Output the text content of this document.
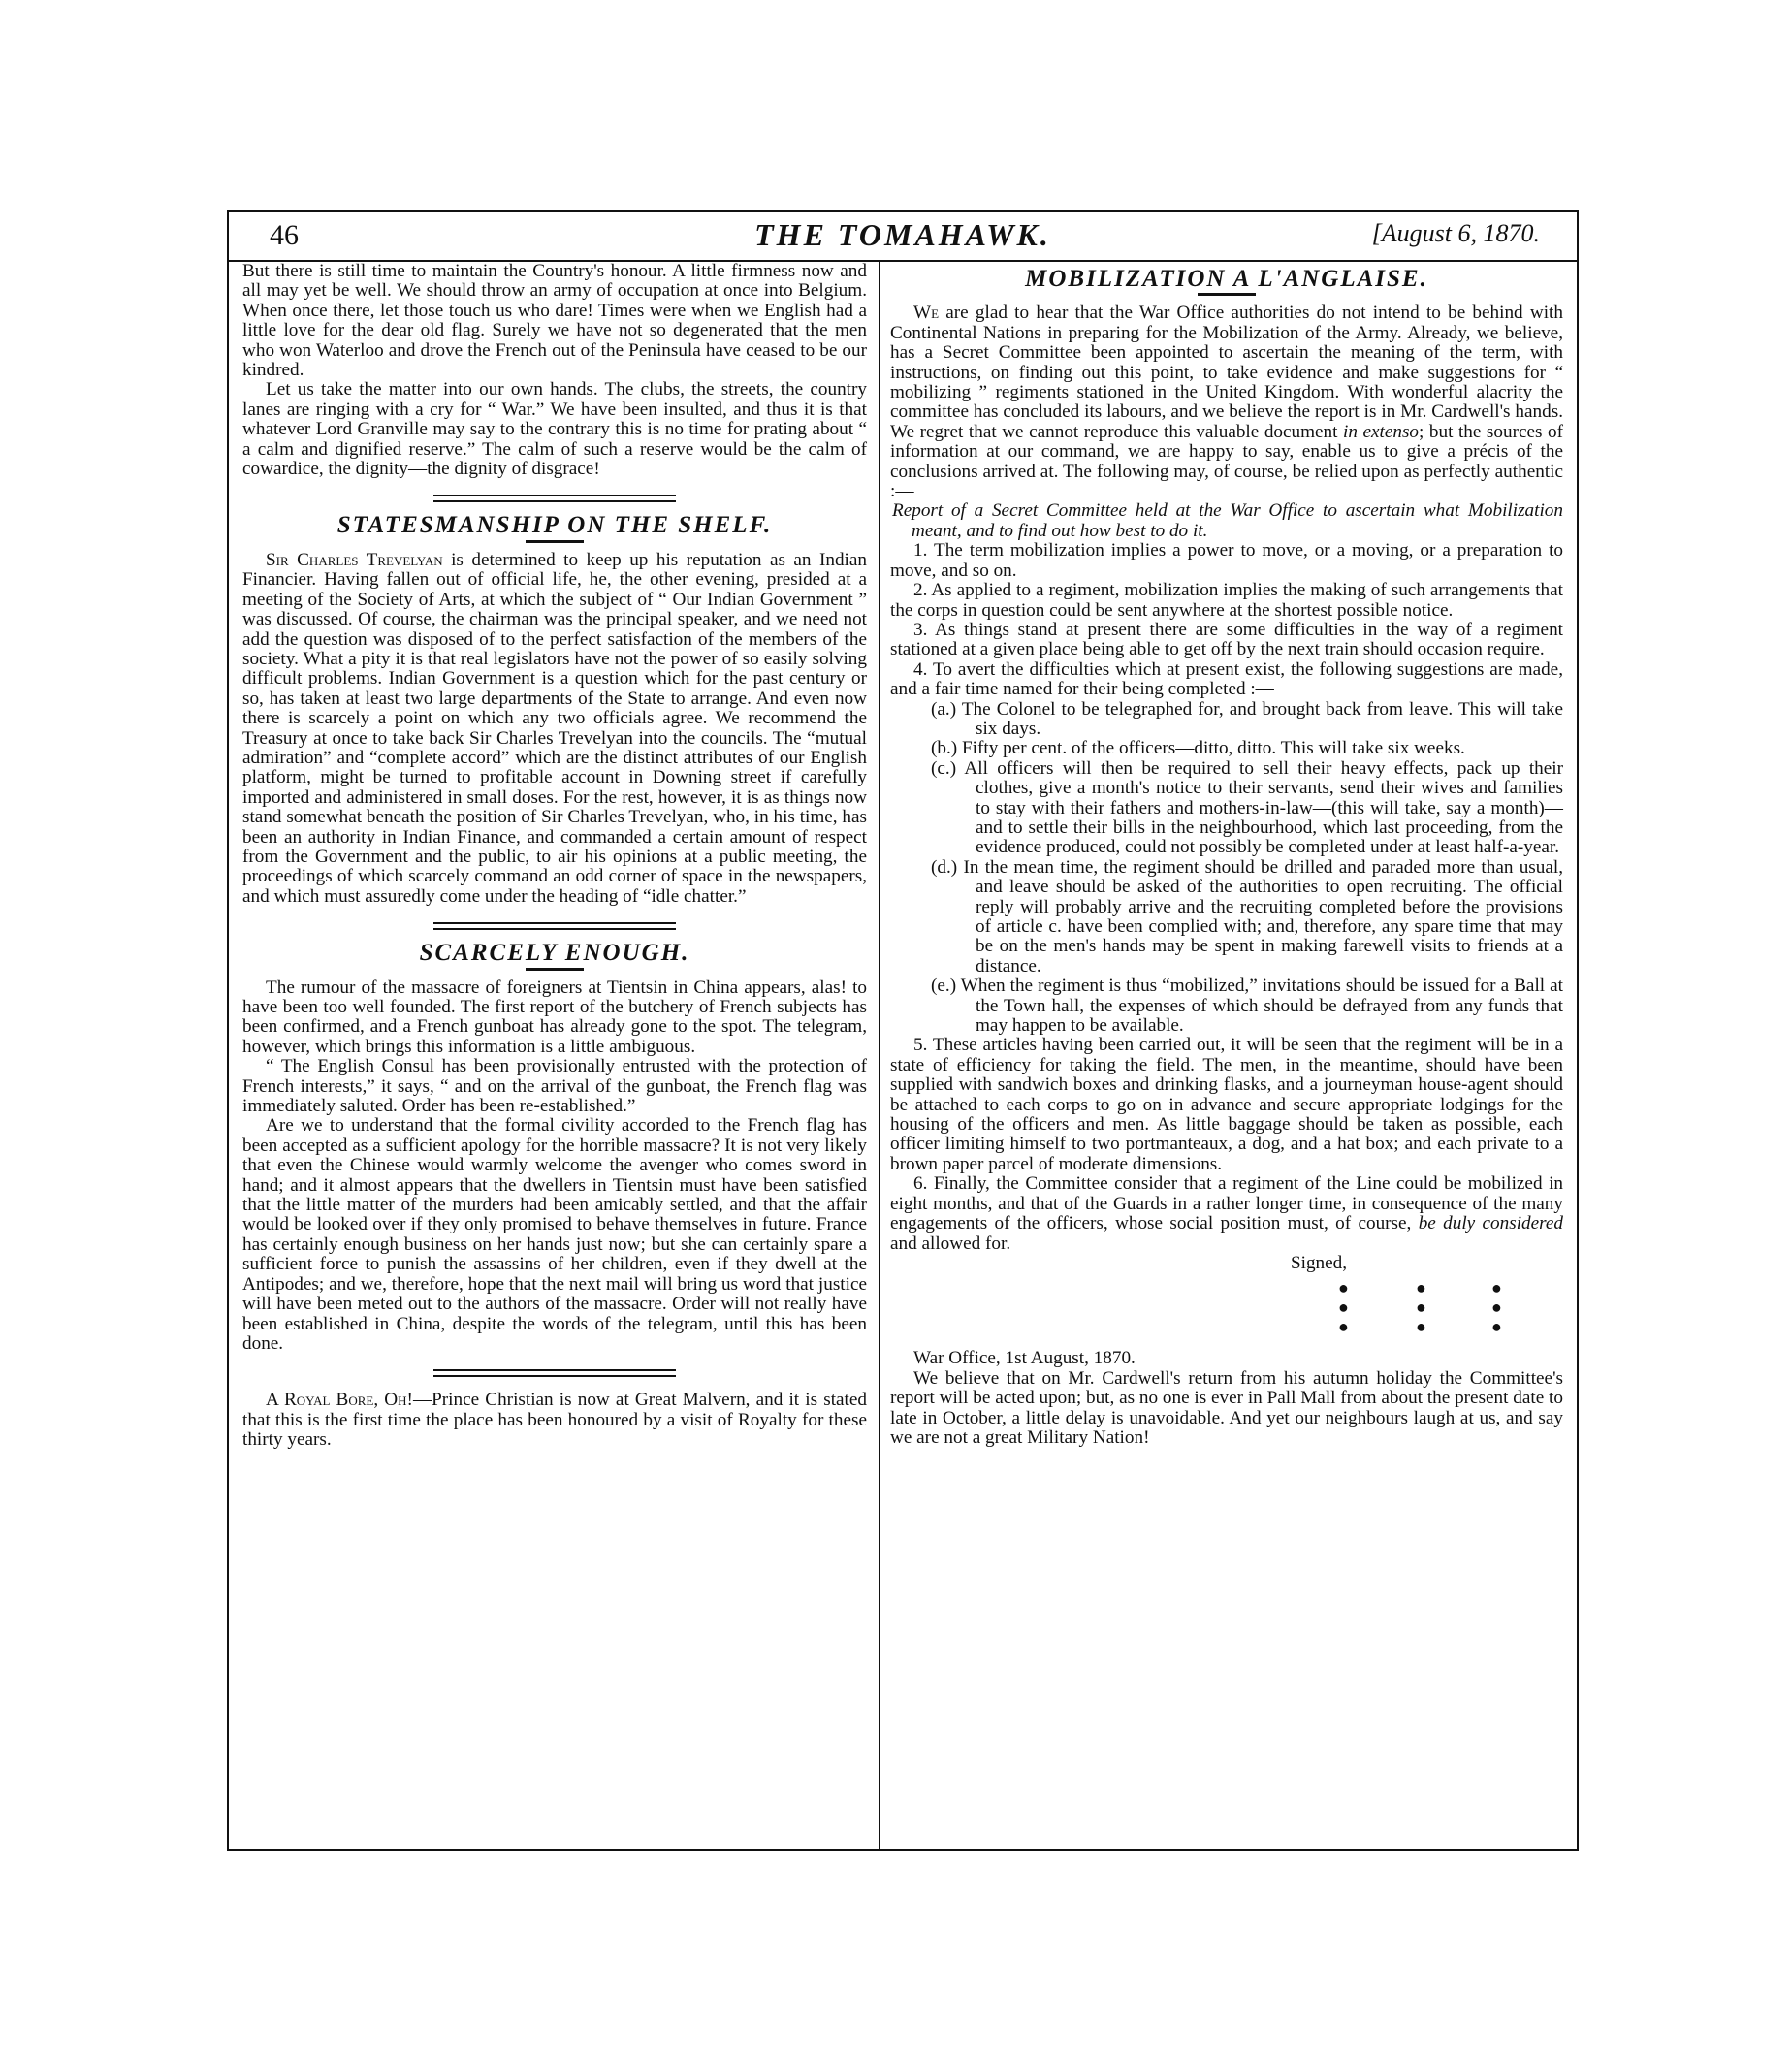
46	THE TOMAHAWK.	[August 6, 1870.

But there is still time to maintain the Country's honour. A little firmness now and all may yet be well. We should throw an army of occupation at once into Belgium. When once there, let those touch us who dare! Times were when we English had a little love for the dear old flag. Surely we have not so degenerated that the men who won Waterloo and drove the French out of the Peninsula have ceased to be our kindred.

Let us take the matter into our own hands. The clubs, the streets, the country lanes are ringing with a cry for “ War.” We have been insulted, and thus it is that whatever Lord Granville may say to the contrary this is no time for prating about “ a calm and dignified reserve.” The calm of such a reserve would be the calm of cowardice, the dignity—the dignity of disgrace!

STATESMANSHIP ON THE SHELF.

Sir Charles Trevelyan is determined to keep up his reputation as an Indian Financier. Having fallen out of official life, he, the other evening, presided at a meeting of the Society of Arts, at which the subject of “ Our Indian Government ” was discussed. Of course, the chairman was the principal speaker, and we need not add the question was disposed of to the perfect satisfaction of the members of the society. What a pity it is that real legislators have not the power of so easily solving difficult problems. Indian Government is a question which for the past century or so, has taken at least two large departments of the State to arrange. And even now there is scarcely a point on which any two officials agree. We recommend the Treasury at once to take back Sir Charles Trevelyan into the councils. The “mutual admiration” and “complete accord” which are the distinct attributes of our English platform, might be turned to profitable account in Downing street if carefully imported and administered in small doses. For the rest, however, it is as things now stand somewhat beneath the position of Sir Charles Trevelyan, who, in his time, has been an authority in Indian Finance, and commanded a certain amount of respect from the Government and the public, to air his opinions at a public meeting, the proceedings of which scarcely command an odd corner of space in the newspapers, and which must assuredly come under the heading of “idle chatter.”

SCARCELY ENOUGH.

The rumour of the massacre of foreigners at Tientsin in China appears, alas! to have been too well founded. The first report of the butchery of French subjects has been confirmed, and a French gunboat has already gone to the spot. The telegram, however, which brings this information is a little ambiguous.

“ The English Consul has been provisionally entrusted with the protection of French interests,” it says, “ and on the arrival of the gunboat, the French flag was immediately saluted. Order has been re-established.”

Are we to understand that the formal civility accorded to the French flag has been accepted as a sufficient apology for the horrible massacre? It is not very likely that even the Chinese would warmly welcome the avenger who comes sword in hand; and it almost appears that the dwellers in Tientsin must have been satisfied that the little matter of the murders had been amicably settled, and that the affair would be looked over if they only promised to behave themselves in future. France has certainly enough business on her hands just now; but she can certainly spare a sufficient force to punish the assassins of her children, even if they dwell at the Antipodes; and we, therefore, hope that the next mail will bring us word that justice will have been meted out to the authors of the massacre. Order will not really have been established in China, despite the words of the telegram, until this has been done.

A Royal Bore, Oh!—Prince Christian is now at Great Malvern, and it is stated that this is the first time the place has been honoured by a visit of Royalty for these thirty years.

MOBILIZATION A L'ANGLAISE.

We are glad to hear that the War Office authorities do not intend to be behind with Continental Nations in preparing for the Mobilization of the Army. Already, we believe, has a Secret Committee been appointed to ascertain the meaning of the term, with instructions, on finding out this point, to take evidence and make suggestions for “ mobilizing ” regiments stationed in the United Kingdom. With wonderful alacrity the committee has concluded its labours, and we believe the report is in Mr. Cardwell's hands. We regret that we cannot reproduce this valuable document in extenso; but the sources of information at our command, we are happy to say, enable us to give a précis of the conclusions arrived at. The following may, of course, be relied upon as perfectly authentic :—

Report of a Secret Committee held at the War Office to ascertain what Mobilization meant, and to find out how best to do it.

1. The term mobilization implies a power to move, or a moving, or a preparation to move, and so on.

2. As applied to a regiment, mobilization implies the making of such arrangements that the corps in question could be sent anywhere at the shortest possible notice.

3. As things stand at present there are some difficulties in the way of a regiment stationed at a given place being able to get off by the next train should occasion require.

4. To avert the difficulties which at present exist, the following suggestions are made, and a fair time named for their being completed :—

(a.) The Colonel to be telegraphed for, and brought back from leave. This will take six days.

(b.) Fifty per cent. of the officers—ditto, ditto. This will take six weeks.

(c.) All officers will then be required to sell their heavy effects, pack up their clothes, give a month's notice to their servants, send their wives and families to stay with their fathers and mothers-in-law—(this will take, say a month)—and to settle their bills in the neighbourhood, which last proceeding, from the evidence produced, could not possibly be completed under at least half-a-year.

(d.) In the mean time, the regiment should be drilled and paraded more than usual, and leave should be asked of the authorities to open recruiting. The official reply will probably arrive and the recruiting completed before the provisions of article c. have been complied with; and, therefore, any spare time that may be on the men's hands may be spent in making farewell visits to friends at a distance.

(e.) When the regiment is thus “mobilized,” invitations should be issued for a Ball at the Town hall, the expenses of which should be defrayed from any funds that may happen to be available.

5. These articles having been carried out, it will be seen that the regiment will be in a state of efficiency for taking the field. The men, in the meantime, should have been supplied with sandwich boxes and drinking flasks, and a journeyman house-agent should be attached to each corps to go on in advance and secure appropriate lodgings for the housing of the officers and men. As little baggage should be taken as possible, each officer limiting himself to two portmanteaux, a dog, and a hat box; and each private to a brown paper parcel of moderate dimensions.

6. Finally, the Committee consider that a regiment of the Line could be mobilized in eight months, and that of the Guards in a rather longer time, in consequence of the many engagements of the officers, whose social position must, of course, be duly considered and allowed for.

Signed,

●	●	●
●	●	●
●	●	●

War Office, 1st August, 1870.

We believe that on Mr. Cardwell's return from his autumn holiday the Committee's report will be acted upon; but, as no one is ever in Pall Mall from about the present date to late in October, a little delay is unavoidable. And yet our neighbours laugh at us, and say we are not a great Military Nation!
